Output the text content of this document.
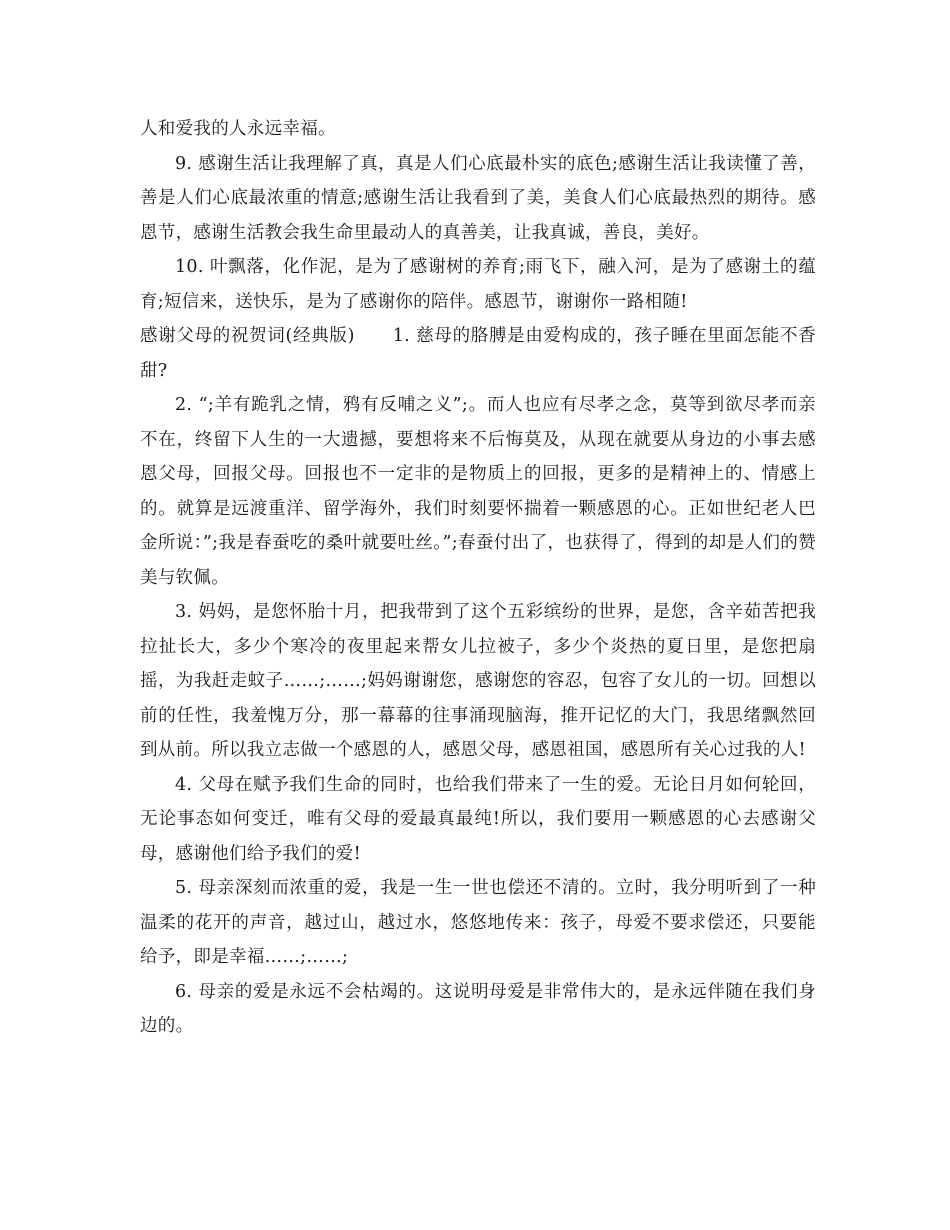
人和爱我的人永远幸福。

9. 感谢生活让我理解了真，真是人们心底最朴实的底色;感谢生活让我读懂了善，善是人们心底最浓重的情意;感谢生活让我看到了美，美食人们心底最热烈的期待。感恩节，感谢生活教会我生命里最动人的真善美，让我真诚，善良，美好。

10. 叶飘落，化作泥，是为了感谢树的养育;雨飞下，融入河，是为了感谢土的蕴育;短信来，送快乐，是为了感谢你的陪伴。感恩节，谢谢你一路相随!

感谢父母的祝贺词(经典版) 1. 慈母的胳膊是由爱构成的，孩子睡在里面怎能不香甜?

2. “;羊有跪乳之情，鸦有反哺之义”;。而人也应有尽孝之念，莫等到欲尽孝而亲不在，终留下人生的一大遗撼，要想将来不后悔莫及，从现在就要从身边的小事去感恩父母，回报父母。回报也不一定非的是物质上的回报，更多的是精神上的、情感上的。就算是远渡重洋、留学海外，我们时刻要怀揣着一颗感恩的心。正如世纪老人巴金所说：”;我是春蚕吃的桑叶就要吐丝。”;春蚕付出了，也获得了，得到的却是人们的赞美与钦佩。

3. 妈妈，是您怀胎十月，把我带到了这个五彩缤纷的世界，是您，含辛茹苦把我拉扯长大，多少个寒冷的夜里起来帮女儿拉被子，多少个炎热的夏日里，是您把扇摇，为我赶走蚊子……;……;妈妈谢谢您，感谢您的容忍，包容了女儿的一切。回想以前的任性，我羞愧万分，那一幕幕的往事涌现脑海，推开记忆的大门，我思绪飘然回到从前。所以我立志做一个感恩的人，感恩父母，感恩祖国，感恩所有关心过我的人!

4. 父母在赋予我们生命的同时，也给我们带来了一生的爱。无论日月如何轮回，无论事态如何变迁，唯有父母的爱最真最纯!所以，我们要用一颗感恩的心去感谢父母，感谢他们给予我们的爱!

5. 母亲深刻而浓重的爱，我是一生一世也偿还不清的。立时，我分明听到了一种温柔的花开的声音，越过山，越过水，悠悠地传来：孩子，母爱不要求偿还，只要能给予，即是幸福……;……;

6. 母亲的爱是永远不会枯竭的。这说明母爱是非常伟大的，是永远伴随在我们身边的。
